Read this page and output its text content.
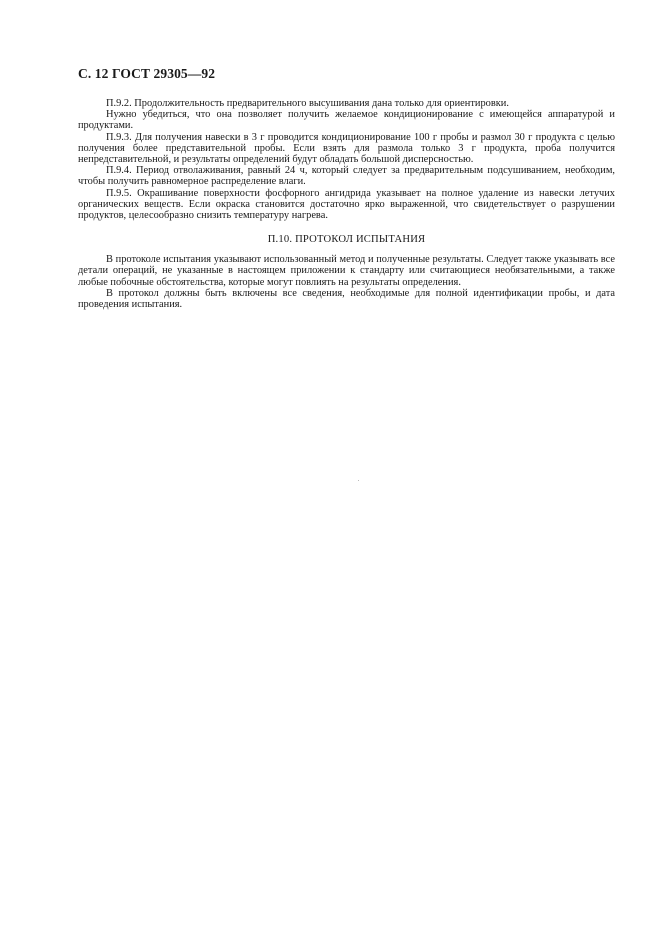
С. 12 ГОСТ 29305—92

П.9.2. Продолжительность предварительного высушивания дана только для ориентировки.

Нужно убедиться, что она позволяет получить желаемое кондиционирование с имеющейся аппаратурой и продуктами.

П.9.3. Для получения навески в 3 г проводится кондиционирование 100 г пробы и размол 30 г продукта с целью получения более представительной пробы. Если взять для размола только 3 г продукта, проба получится непредставительной, и результаты определений будут обладать большой дисперсностью.

П.9.4. Период отволаживания, равный 24 ч, который следует за предварительным подсушиванием, необходим, чтобы получить равномерное распределение влаги.

П.9.5. Окрашивание поверхности фосфорного ангидрида указывает на полное удаление из навески летучих органических веществ. Если окраска становится достаточно ярко выраженной, что свидетельствует о разрушении продуктов, целесообразно снизить температуру нагрева.

П.10. ПРОТОКОЛ ИСПЫТАНИЯ

В протоколе испытания указывают использованный метод и полученные результаты. Следует также указывать все детали операций, не указанные в настоящем приложении к стандарту или считающиеся необязательными, а также любые побочные обстоятельства, которые могут повлиять на результаты определения.

В протокол должны быть включены все сведения, необходимые для полной идентификации пробы, и дата проведения испытания.
